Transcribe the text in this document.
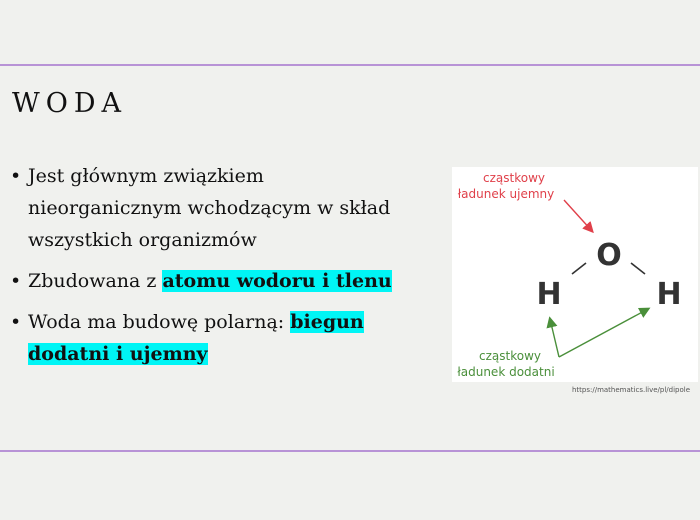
WODA
• Jest głównym związkiem nieorganicznym wchodzącym w skład wszystkich organizmów
• Zbudowana z atomu wodoru i tlenu
• Woda ma budowę polarną: biegun dodatni i ujemny
cząstkowy
ładunek ujemny
O
H	H
cząstkowy
ładunek dodatni
https://mathematics.live/pl/dipole
